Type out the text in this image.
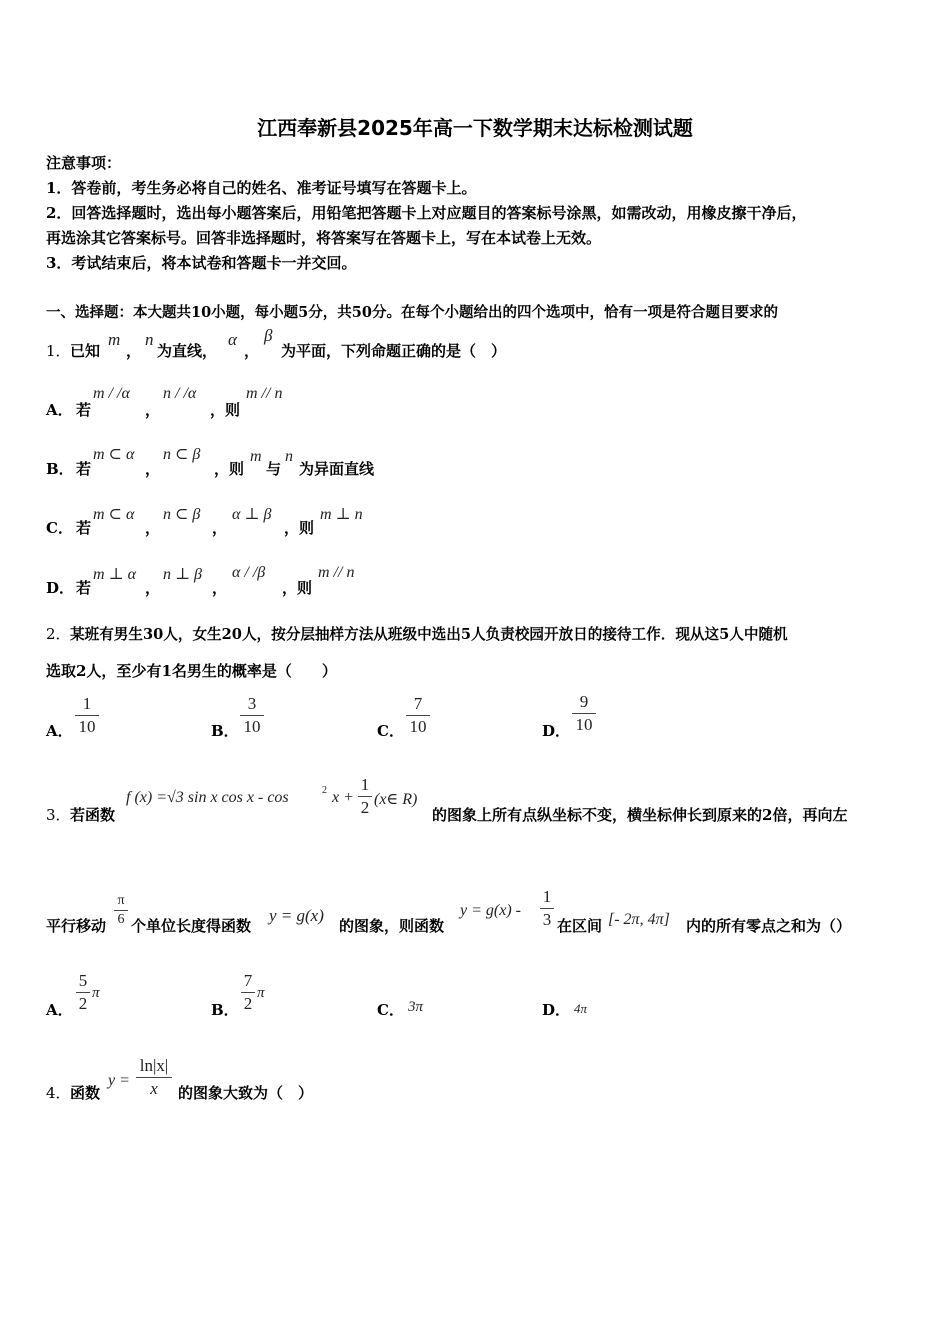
江西奉新县2025年高一下数学期末达标检测试题
注意事项：
1．答卷前，考生务必将自己的姓名、准考证号填写在答题卡上。
2．回答选择题时，选出每小题答案后，用铅笔把答题卡上对应题目的答案标号涂黑，如需改动，用橡皮擦干净后，
再选涂其它答案标号。回答非选择题时，将答案写在答题卡上，写在本试卷上无效。
3．考试结束后，将本试卷和答题卡一并交回。
一、选择题：本大题共10小题，每小题5分，共50分。在每个小题给出的四个选项中，恰有一项是符合题目要求的
1． 已知
m
，
n
为直线，
α
，
β
为平面，下列命题正确的是（　）
A． 若
m / /α
，
n / /α
，则
m // n
B． 若
m ⊂ α
，
n ⊂ β
，则
m
与
n
为异面直线
C． 若
m ⊂ α
，
n ⊂ β
，
α ⊥ β
，则
m ⊥ n
D． 若
m ⊥ α
，
n ⊥ β
，
α / /β
，则
m // n
2． 某班有男生30人，女生20人，按分层抽样方法从班级中选出5人负责校园开放日的接待工作．现从这5人中随机
选取2人，至少有1名男生的概率是（　　）
A．
1
10	B．
3
10	C．
7
10	D．
9
10
3． 若函数
f (x) =√3 sin x cos x - cos	2 x +
1
2 (x∈ R)
的图象上所有点纵坐标不变，横坐标伸长到原来的2倍，再向左
平行移动
π
6 个单位长度得函数
y = g(x)
的图象，则函数
y = g(x) -
1
3 在区间 [- 2π, 4π] 内的所有零点之和为（）
A．
5
2
π
B．
7
2
π
C． 3π	D． 4π
4． 函数
y =
ln|x|
x	的图象大致为（　）
